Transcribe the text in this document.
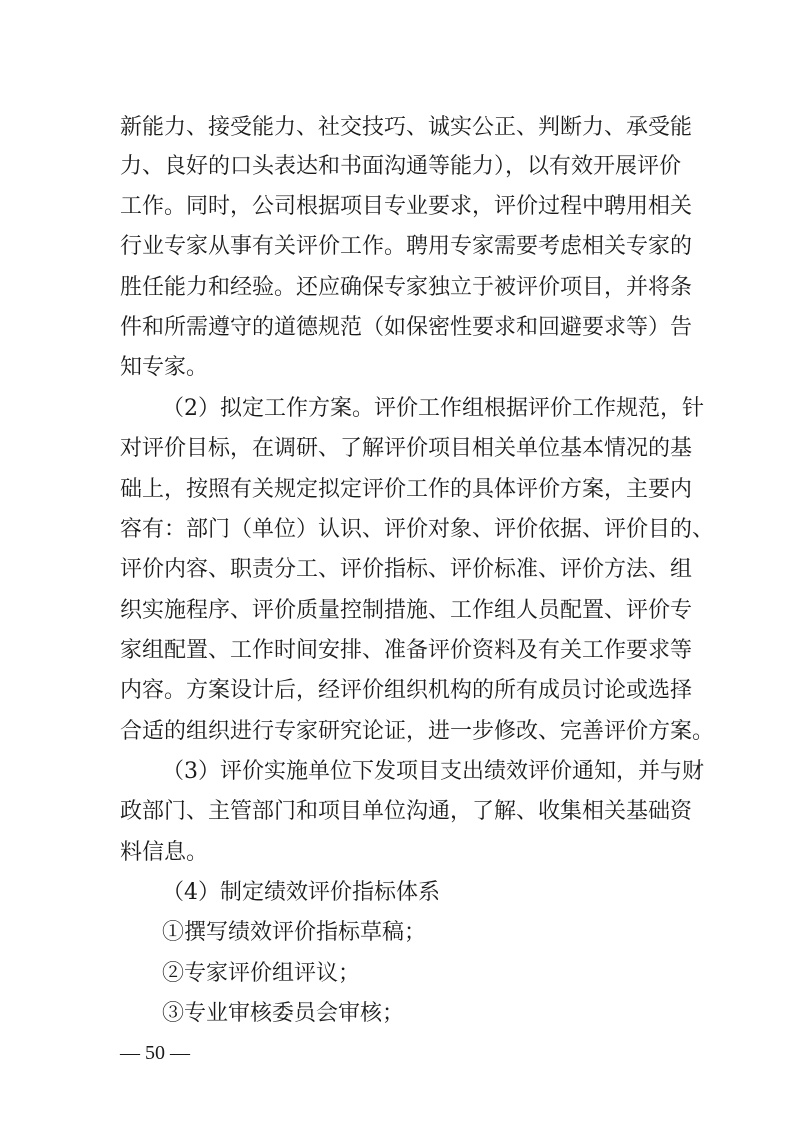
新能力、接受能力、社交技巧、诚实公正、判断力、承受能
力、良好的口头表达和书面沟通等能力），以有效开展评价
工作。同时，公司根据项目专业要求，评价过程中聘用相关
行业专家从事有关评价工作。聘用专家需要考虑相关专家的
胜任能力和经验。还应确保专家独立于被评价项目，并将条
件和所需遵守的道德规范（如保密性要求和回避要求等）告
知专家。
（2）拟定工作方案。评价工作组根据评价工作规范，针
对评价目标，在调研、了解评价项目相关单位基本情况的基
础上，按照有关规定拟定评价工作的具体评价方案，主要内
容有：部门（单位）认识、评价对象、评价依据、评价目的、
评价内容、职责分工、评价指标、评价标准、评价方法、组
织实施程序、评价质量控制措施、工作组人员配置、评价专
家组配置、工作时间安排、准备评价资料及有关工作要求等
内容。方案设计后，经评价组织机构的所有成员讨论或选择
合适的组织进行专家研究论证，进一步修改、完善评价方案。
（3）评价实施单位下发项目支出绩效评价通知，并与财
政部门、主管部门和项目单位沟通，了解、收集相关基础资
料信息。
（4）制定绩效评价指标体系
①撰写绩效评价指标草稿；
②专家评价组评议；
③专业审核委员会审核；
— 50 —
